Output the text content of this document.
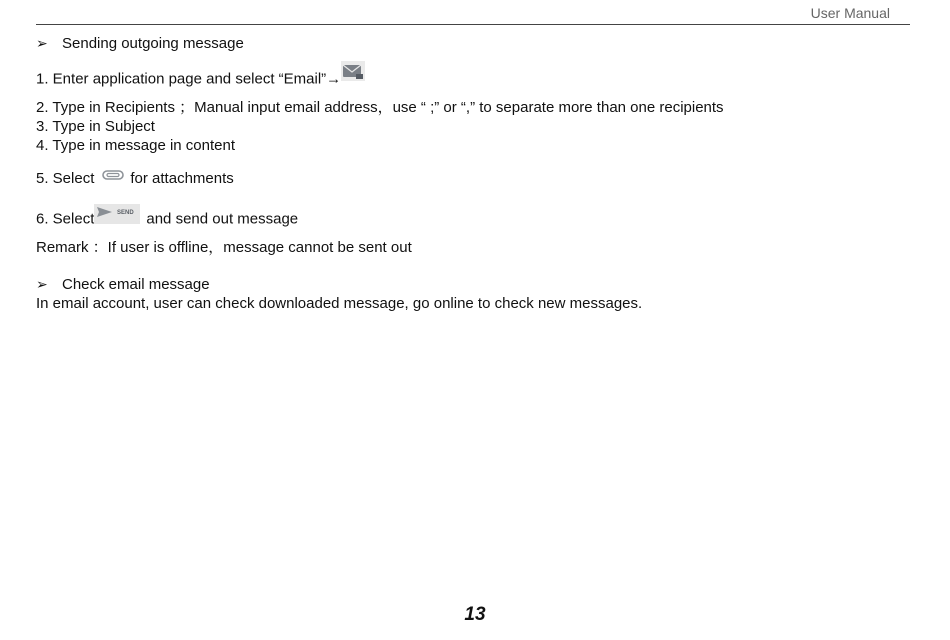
User Manual
➢ Sending outgoing message
1. Enter application page and select “Email”→
2. Type in Recipients ；Manual input email address，use “ ;” or “,” to separate more than one recipients
3. Type in Subject
4. Type in message in content
5. Select for attachments
6. Select	SEND and send out message
Remark ：If user is offline，message cannot be sent out
➢ Check email message
In email account, user can check downloaded message, go online to check new messages.
13
